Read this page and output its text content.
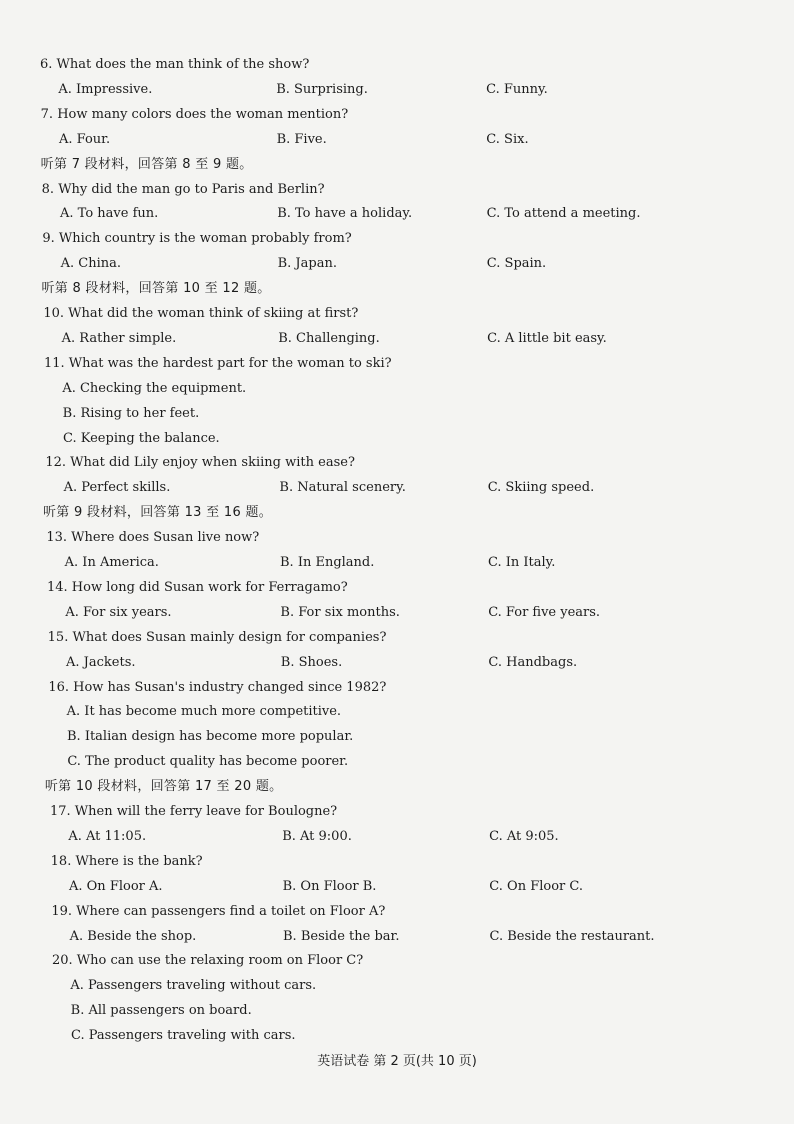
6. What does the man think of the show?
A. Impressive.	B. Surprising.	C. Funny.
7. How many colors does the woman mention?
A. Four.	B. Five.	C. Six.
听第 7 段材料，回答第 8 至 9 题。
8. Why did the man go to Paris and Berlin?
A. To have fun.	B. To have a holiday.	C. To attend a meeting.
9. Which country is the woman probably from?
A. China.	B. Japan.	C. Spain.
听第 8 段材料，回答第 10 至 12 题。
10. What did the woman think of skiing at first?
A. Rather simple.	B. Challenging.	C. A little bit easy.
11. What was the hardest part for the woman to ski?
A. Checking the equipment.
B. Rising to her feet.
C. Keeping the balance.
12. What did Lily enjoy when skiing with ease?
A. Perfect skills.	B. Natural scenery.	C. Skiing speed.
听第 9 段材料，回答第 13 至 16 题。
13. Where does Susan live now?
A. In America.	B. In England.	C. In Italy.
14. How long did Susan work for Ferragamo?
A. For six years.	B. For six months.	C. For five years.
15. What does Susan mainly design for companies?
A. Jackets.	B. Shoes.	C. Handbags.
16. How has Susan's industry changed since 1982?
A. It has become much more competitive.
B. Italian design has become more popular.
C. The product quality has become poorer.
听第 10 段材料，回答第 17 至 20 题。
17. When will the ferry leave for Boulogne?
A. At 11:05.	B. At 9:00.	C. At 9:05.
18. Where is the bank?
A. On Floor A.	B. On Floor B.	C. On Floor C.
19. Where can passengers find a toilet on Floor A?
A. Beside the shop.	B. Beside the bar.	C. Beside the restaurant.
20. Who can use the relaxing room on Floor C?
A. Passengers traveling without cars.
B. All passengers on board.
C. Passengers traveling with cars.
英语试卷 第 2 页(共 10 页)
